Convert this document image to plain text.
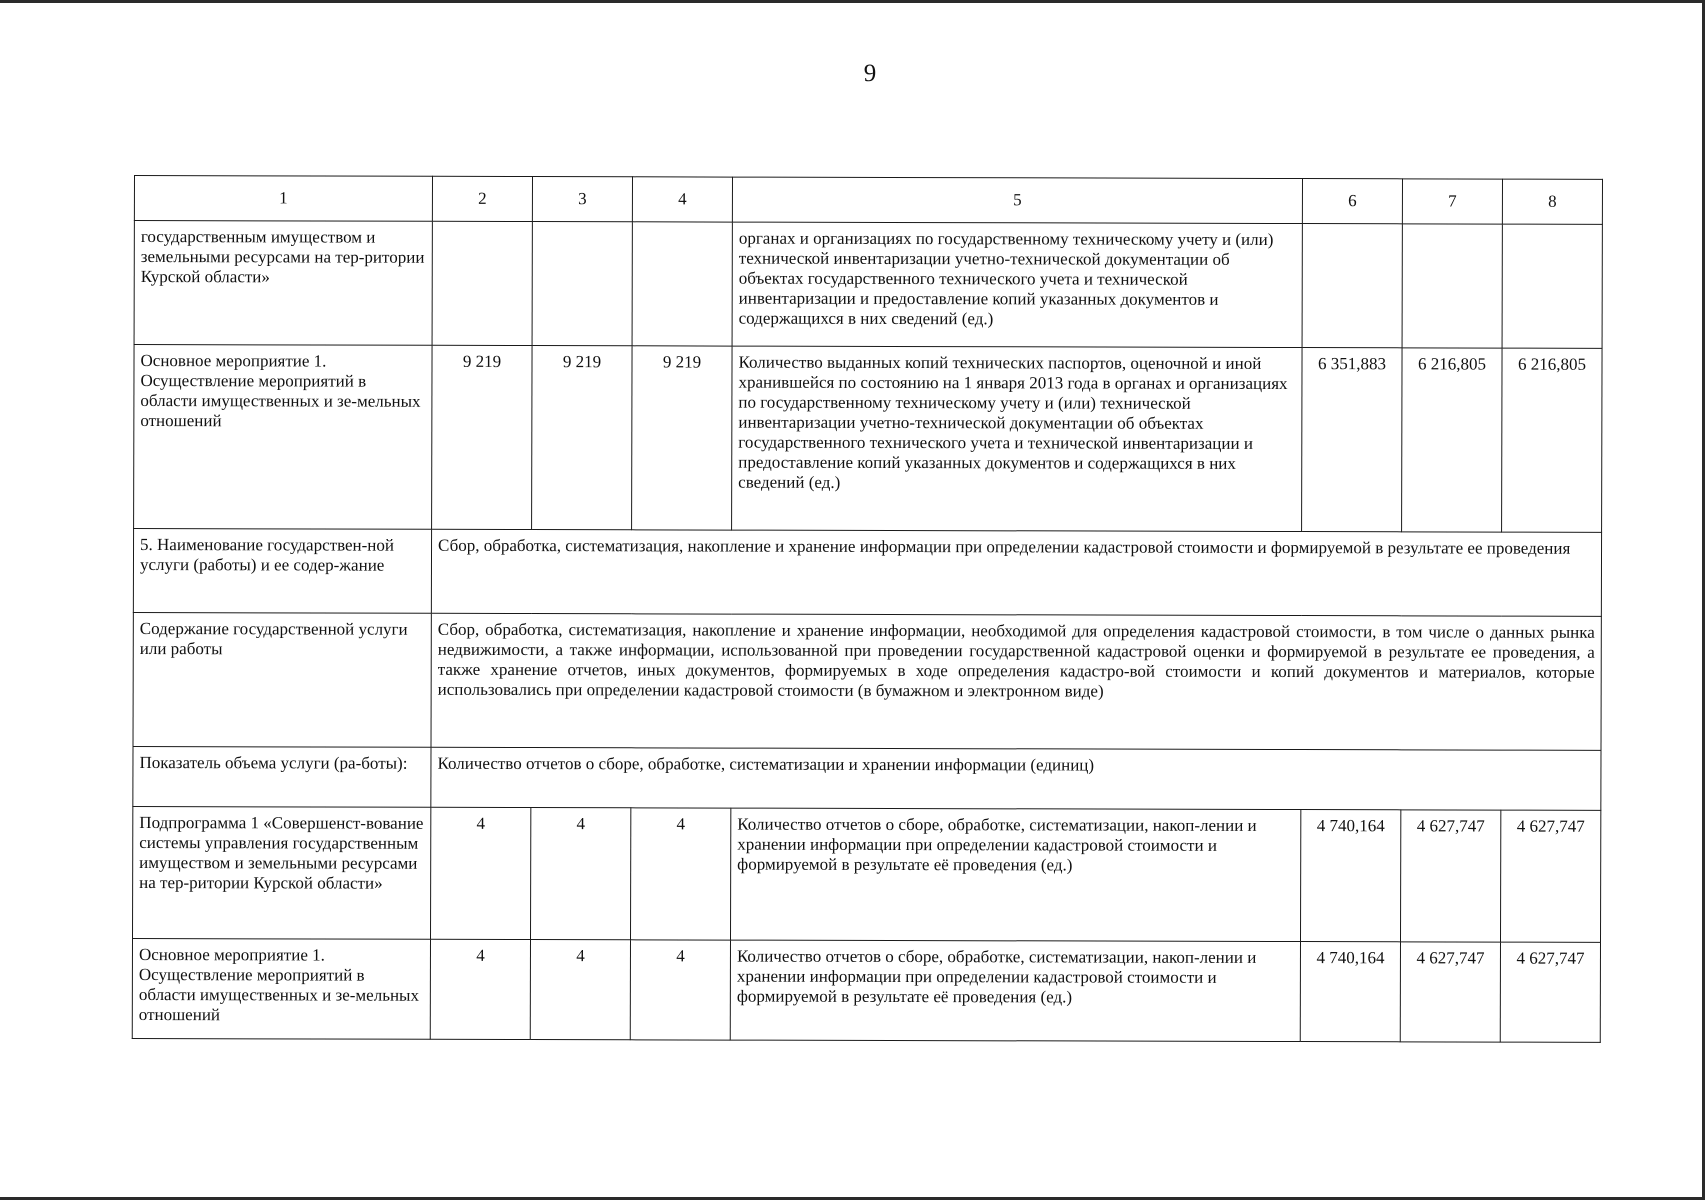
9
1	2	3	4	5	6	7	8
государственным имуществом и земельными ресурсами на тер-ритории Курской области»				органах и организациях по государственному техническому учету и (или) технической инвентаризации учетно-технической документации об объектах государственного технического учета и технической инвентаризации и предоставление копий указанных документов и содержащихся в них сведений (ед.)			
Основное мероприятие 1. Осуществление мероприятий в области имущественных и зе-мельных отношений	9 219	9 219	9 219	Количество выданных копий технических паспортов, оценочной и иной хранившейся по состоянию на 1 января 2013 года в органах и организациях по государственному техническому учету и (или) технической инвентаризации учетно-технической документации об объектах государственного технического учета и технической инвентаризации и предоставление копий указанных документов и содержащихся в них сведений (ед.)	6 351,883	6 216,805	6 216,805
5. Наименование государствен-ной услуги (работы) и ее содер-жание	Сбор, обработка, систематизация, накопление и хранение информации при определении кадастровой стоимости и формируемой в результате ее проведения						
Содержание государственной услуги или работы	Сбор, обработка, систематизация, накопление и хранение информации, необходимой для определения кадастровой стоимости, в том числе о данных рынка недвижимости, а также информации, использованной при проведении государственной кадастровой оценки и формируемой в результате ее проведения, а также хранение отчетов, иных документов, формируемых в ходе определения кадастро-вой стоимости и копий документов и материалов, которые использовались при определении кадастровой стоимости (в бумажном и электронном виде)						
Показатель объема услуги (ра-боты):	Количество отчетов о сборе, обработке, систематизации и хранении информации (единиц)						
Подпрограмма 1 «Совершенст-вование системы управления государственным имуществом и земельными ресурсами на тер-ритории Курской области»	4	4	4	Количество отчетов о сборе, обработке, систематизации, накоп-лении и хранении информации при определении кадастровой стоимости и формируемой в результате её проведения (ед.)	4 740,164	4 627,747	4 627,747
Основное мероприятие 1. Осуществление мероприятий в области имущественных и зе-мельных отношений	4	4	4	Количество отчетов о сборе, обработке, систематизации, накоп-лении и хранении информации при определении кадастровой стоимости и формируемой в результате её проведения (ед.)	4 740,164	4 627,747	4 627,747
